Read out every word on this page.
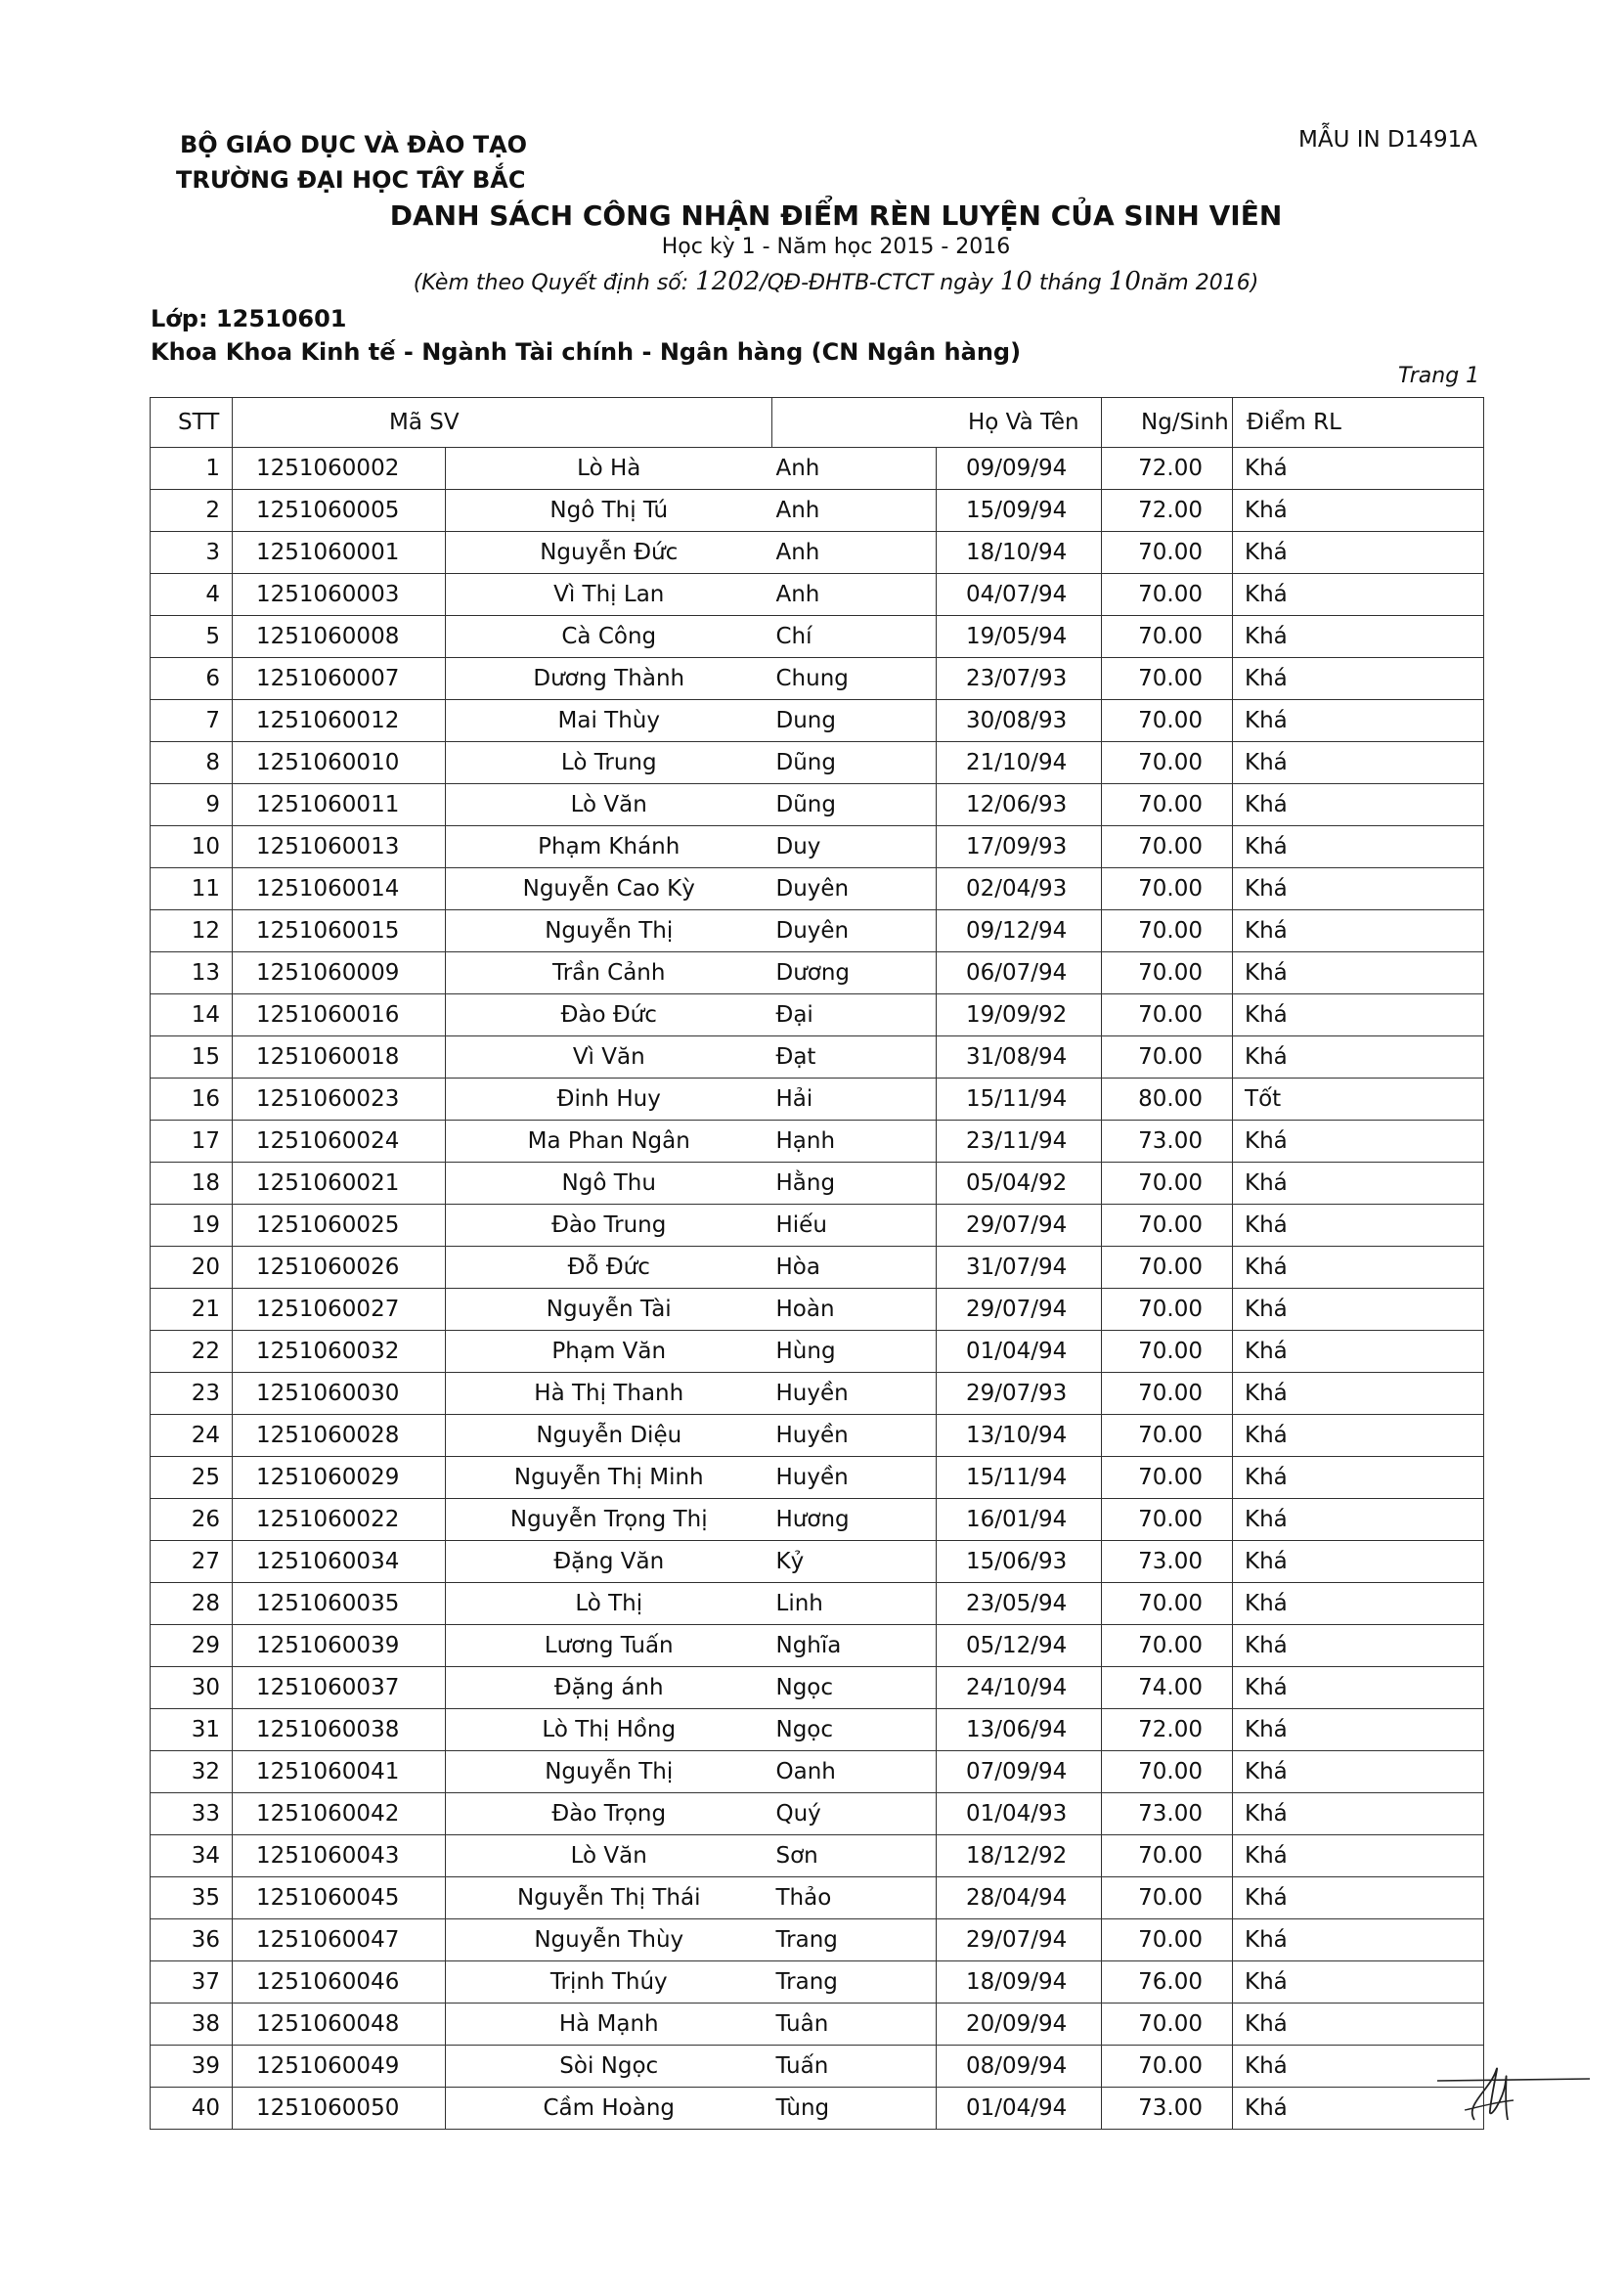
BỘ GIÁO DỤC VÀ ĐÀO TẠO
TRƯỜNG ĐẠI HỌC TÂY BẮC
MẪU IN D1491A
DANH SÁCH CÔNG NHẬN ĐIỂM RÈN LUYỆN CỦA SINH VIÊN
Học kỳ 1 - Năm học 2015 - 2016
(Kèm theo Quyết định số: 1202/QĐ-ĐHTB-CTCT ngày 10 tháng 10năm 2016)
Lớp: 12510601
Khoa Khoa Kinh tế - Ngành Tài chính - Ngân hàng (CN Ngân hàng)
Trang 1
STT	Mã SV		Họ Và Tên		Ng/Sinh	Điểm RL	
1	1251060002	Lò Hà	Anh	09/09/94	72.00	Khá	
2	1251060005	Ngô Thị Tú	Anh	15/09/94	72.00	Khá	
3	1251060001	Nguyễn Đức	Anh	18/10/94	70.00	Khá	
4	1251060003	Vì Thị Lan	Anh	04/07/94	70.00	Khá	
5	1251060008	Cà Công	Chí	19/05/94	70.00	Khá	
6	1251060007	Dương Thành	Chung	23/07/93	70.00	Khá	
7	1251060012	Mai Thùy	Dung	30/08/93	70.00	Khá	
8	1251060010	Lò Trung	Dũng	21/10/94	70.00	Khá	
9	1251060011	Lò Văn	Dũng	12/06/93	70.00	Khá	
10	1251060013	Phạm Khánh	Duy	17/09/93	70.00	Khá	
11	1251060014	Nguyễn Cao Kỳ	Duyên	02/04/93	70.00	Khá	
12	1251060015	Nguyễn Thị	Duyên	09/12/94	70.00	Khá	
13	1251060009	Trần Cảnh	Dương	06/07/94	70.00	Khá	
14	1251060016	Đào Đức	Đại	19/09/92	70.00	Khá	
15	1251060018	Vì Văn	Đạt	31/08/94	70.00	Khá	
16	1251060023	Đinh Huy	Hải	15/11/94	80.00	Tốt	
17	1251060024	Ma Phan Ngân	Hạnh	23/11/94	73.00	Khá	
18	1251060021	Ngô Thu	Hằng	05/04/92	70.00	Khá	
19	1251060025	Đào Trung	Hiếu	29/07/94	70.00	Khá	
20	1251060026	Đỗ Đức	Hòa	31/07/94	70.00	Khá	
21	1251060027	Nguyễn Tài	Hoàn	29/07/94	70.00	Khá	
22	1251060032	Phạm Văn	Hùng	01/04/94	70.00	Khá	
23	1251060030	Hà Thị Thanh	Huyền	29/07/93	70.00	Khá	
24	1251060028	Nguyễn Diệu	Huyền	13/10/94	70.00	Khá	
25	1251060029	Nguyễn Thị Minh	Huyền	15/11/94	70.00	Khá	
26	1251060022	Nguyễn Trọng Thị	Hương	16/01/94	70.00	Khá	
27	1251060034	Đặng Văn	Kỷ	15/06/93	73.00	Khá	
28	1251060035	Lò Thị	Linh	23/05/94	70.00	Khá	
29	1251060039	Lương Tuấn	Nghĩa	05/12/94	70.00	Khá	
30	1251060037	Đặng ánh	Ngọc	24/10/94	74.00	Khá	
31	1251060038	Lò Thị Hồng	Ngọc	13/06/94	72.00	Khá	
32	1251060041	Nguyễn Thị	Oanh	07/09/94	70.00	Khá	
33	1251060042	Đào Trọng	Quý	01/04/93	73.00	Khá	
34	1251060043	Lò Văn	Sơn	18/12/92	70.00	Khá	
35	1251060045	Nguyễn Thị Thái	Thảo	28/04/94	70.00	Khá	
36	1251060047	Nguyễn Thùy	Trang	29/07/94	70.00	Khá	
37	1251060046	Trịnh Thúy	Trang	18/09/94	76.00	Khá	
38	1251060048	Hà Mạnh	Tuân	20/09/94	70.00	Khá	
39	1251060049	Sòi Ngọc	Tuấn	08/09/94	70.00	Khá	
40	1251060050	Cầm Hoàng	Tùng	01/04/94	73.00	Khá	
